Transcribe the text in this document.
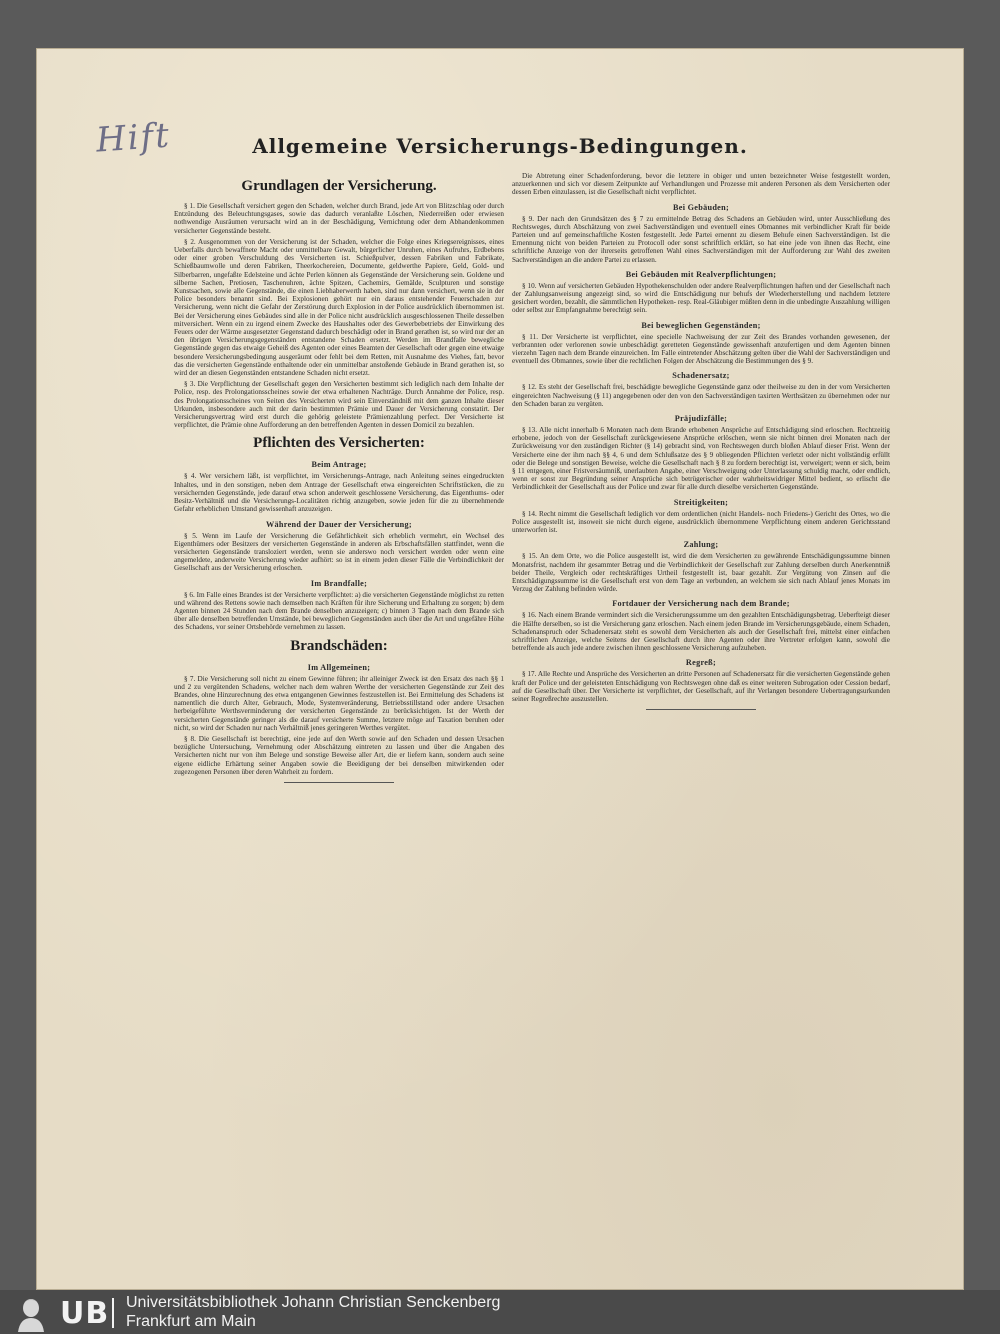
Hift	Allgemeine Versicherungs-Bedingungen.
Grundlagen der Versicherung.
§ 1. Die Gesellschaft versichert gegen den Schaden, welcher durch Brand, jede Art von Blitzschlag oder durch Entzündung des Beleuchtungsgases, sowie das dadurch veranlaßte Löschen, Niederreißen oder erwiesen nothwendige Ausräumen verursacht wird an in der Beschädigung, Vernichtung oder dem Abhandenkommen versicherter Gegenstände besteht.
§ 2. Ausgenommen von der Versicherung ist der Schaden, welcher die Folge eines Kriegsereignisses, eines Ueberfalls durch bewaffnete Macht oder unmittelbare Gewalt, bürgerlicher Unruhen, eines Aufruhrs, Erdbebens oder einer groben Verschuldung des Versicherten ist. Schießpulver, dessen Fabriken und Fabrikate, Schießbaumwolle und deren Fabriken, Theerkochereien, Documente, geldwerthe Papiere, Geld, Gold- und Silberbarren, ungefaßte Edelsteine und ächte Perlen können als Gegenstände der Versicherung sein. Goldene und silberne Sachen, Pretiosen, Taschenuhren, ächte Spitzen, Cachemirs, Gemälde, Sculpturen und sonstige Kunstsachen, sowie alle Gegenstände, die einen Liebhaberwerth haben, sind nur dann versichert, wenn sie in der Police besonders benannt sind. Bei Explosionen gehört nur ein daraus entstehender Feuerschaden zur Versicherung, wenn nicht die Gefahr der Zerstörung durch Explosion in der Police ausdrücklich übernommen ist. Bei der Versicherung eines Gebäudes sind alle in der Police nicht ausdrücklich ausgeschlossenen Theile desselben mitversichert. Wenn ein zu irgend einem Zwecke des Haushaltes oder des Gewerbebetriebs der Einwirkung des Feuers oder der Wärme ausgesetzter Gegenstand dadurch beschädigt oder in Brand gerathen ist, so wird nur der an den übrigen Versicherungsgegenständen entstandene Schaden ersetzt. Werden im Brandfalle bewegliche Gegenstände gegen das etwaige Geheiß des Agenten oder eines Beamten der Gesellschaft oder gegen eine etwaige besondere Versicherungsbedingung ausgeräumt oder fehlt bei dem Retten, mit Ausnahme des Viehes, fatt, bevor das die versicherten Gegenstände enthaltende oder ein unmittelbar anstoßende Gebäude in Brand gerathen ist, so wird der an diesen Gegenständen entstandene Schaden nicht ersetzt.
§ 3. Die Verpflichtung der Gesellschaft gegen den Versicherten bestimmt sich lediglich nach dem Inhalte der Police, resp. des Prolongationsscheines sowie der etwa erhaltenen Nachträge. Durch Annahme der Police, resp. des Prolongationsscheines von Seiten des Versicherten wird sein Einverständniß mit dem ganzen Inhalte dieser Urkunden, insbesondere auch mit der darin bestimmten Prämie und Dauer der Versicherung constatirt. Der Versicherungsvertrag wird erst durch die gehörig geleistete Prämienzahlung perfect. Der Versicherte ist verpflichtet, die Prämie ohne Aufforderung an den betreffenden Agenten in dessen Domicil zu bezahlen.
Pflichten des Versicherten:
Beim Antrage;
§ 4. Wer versichern läßt, ist verpflichtet, im Versicherungs-Antrage, nach Anleitung seines eingedruckten Inhaltes, und in den sonstigen, neben dem Antrage der Gesellschaft etwa eingereichten Schriftstücken, die zu versichernden Gegenstände, jede darauf etwa schon anderweit geschlossene Versicherung, das Eigenthums- oder Besitz-Verhältniß und die Versicherungs-Localitäten richtig anzugeben, sowie jeden für die zu übernehmende Gefahr erheblichen Umstand gewissenhaft anzuzeigen.
Während der Dauer der Versicherung;
§ 5. Wenn im Laufe der Versicherung die Gefährlichkeit sich erheblich vermehrt, ein Wechsel des Eigenthümers oder Besitzers der versicherten Gegenstände in anderen als Erbschaftsfällen stattfindet, wenn die versicherten Gegenstände transloziert werden, wenn sie anderswo noch versichert werden oder wenn eine angemeldete, anderweite Versicherung wieder aufhört: so ist in einem jeden dieser Fälle die Verbindlichkeit der Gesellschaft aus der Versicherung erloschen.
Im Brandfalle;
§ 6. Im Falle eines Brandes ist der Versicherte verpflichtet: a) die versicherten Gegenstände möglichst zu retten und während des Rettens sowie nach demselben nach Kräften für ihre Sicherung und Erhaltung zu sorgen; b) dem Agenten binnen 24 Stunden nach dem Brande denselben anzuzeigen; c) binnen 3 Tagen nach dem Brande sich über alle denselben betreffenden Umstände, bei beweglichen Gegenständen auch über die Art und ungefähre Höhe des Schadens, vor seiner Ortsbehörde vernehmen zu lassen.
Brandschäden:
Im Allgemeinen;
§ 7. Die Versicherung soll nicht zu einem Gewinne führen; ihr alleiniger Zweck ist den Ersatz des nach §§ 1 und 2 zu vergütenden Schadens, welcher nach dem wahren Werthe der versicherten Gegenstände zur Zeit des Brandes, ohne Hinzurechnung des etwa entgangenen Gewinnes festzustellen ist. Bei Ermittelung des Schadens ist namentlich die durch Alter, Gebrauch, Mode, Systemveränderung, Betriebsstillstand oder andere Ursachen herbeigeführte Werthsverminderung der versicherten Gegenstände zu berücksichtigen. Ist der Werth der versicherten Gegenstände geringer als die darauf versicherte Summe, letztere möge auf Taxation beruhen oder nicht, so wird der Schaden nur nach Verhältniß jenes geringeren Werthes vergütet.
§ 8. Die Gesellschaft ist berechtigt, eine jede auf den Werth sowie auf den Schaden und dessen Ursachen bezügliche Untersuchung, Vernehmung oder Abschätzung eintreten zu lassen und über die Angaben des Versicherten nicht nur von ihm Belege und sonstige Beweise aller Art, die er liefern kann, sondern auch seine eigene eidliche Erhärtung seiner Angaben sowie die Beeidigung der bei denselben mitwirkenden oder zugezogenen Personen über deren Wahrheit zu fordern.
Die Abtretung einer Schadenforderung, bevor die letztere in obiger und unten bezeichneter Weise festgestellt worden, anzuerkennen und sich vor diesem Zeitpunkte auf Verhandlungen und Prozesse mit anderen Personen als dem Versicherten oder dessen Erben einzulassen, ist die Gesellschaft nicht verpflichtet.
Bei Gebäuden;
§ 9. Der nach den Grundsätzen des § 7 zu ermittelnde Betrag des Schadens an Gebäuden wird, unter Ausschließung des Rechtsweges, durch Abschätzung von zwei Sachverständigen und eventuell eines Obmannes mit verbindlicher Kraft für beide Parteien und auf gemeinschaftliche Kosten festgestellt. Jede Partei ernennt zu diesem Behufe einen Sachverständigen. Ist die Ernennung nicht von beiden Parteien zu Protocoll oder sonst schriftlich erklärt, so hat eine jede von ihnen das Recht, eine schriftliche Anzeige von der ihrerseits getroffenen Wahl eines Sachverständigen mit der Aufforderung zur Wahl des zweiten Sachverständigen an die andere Partei zu erlassen.
Bei Gebäuden mit Realverpflichtungen;
§ 10. Wenn auf versicherten Gebäuden Hypothekenschulden oder andere Realverpflichtungen haften und der Gesellschaft nach der Zahlungsanweisung angezeigt sind, so wird die Entschädigung nur behufs der Wiederherstellung und nachdem letztere gesichert worden, bezahlt, die sämmtlichen Hypotheken- resp. Real-Gläubiger müßten denn in die unbedingte Auszahlung willigen oder selbst zur Empfangnahme berechtigt sein.
Bei beweglichen Gegenständen;
§ 11. Der Versicherte ist verpflichtet, eine specielle Nachweisung der zur Zeit des Brandes vorhanden gewesenen, der verbrannten oder verlorenen sowie unbeschädigt geretteten Gegenstände gewissenhaft anzufertigen und dem Agenten binnen vierzehn Tagen nach dem Brande einzureichen. Im Falle eintretender Abschätzung gelten über die Wahl der Sachverständigen und eventuell des Obmannes, sowie über die rechtlichen Folgen der Abschätzung die Bestimmungen des § 9.
Schadenersatz;
§ 12. Es steht der Gesellschaft frei, beschädigte bewegliche Gegenstände ganz oder theilweise zu den in der vom Versicherten eingereichten Nachweisung (§ 11) angegebenen oder den von den Sachverständigen taxirten Werthsätzen zu übernehmen oder nur den Schaden baran zu vergüten.
Präjudizfälle;
§ 13. Alle nicht innerhalb 6 Monaten nach dem Brande erhobenen Ansprüche auf Entschädigung sind erloschen. Rechtzeitig erhobene, jedoch von der Gesellschaft zurückgewiesene Ansprüche erlöschen, wenn sie nicht binnen drei Monaten nach der Zurückweisung vor den zuständigen Richter (§ 14) gebracht sind, von Rechtswegen durch bloßen Ablauf dieser Frist. Wenn der Versicherte eine der ihm nach §§ 4, 6 und dem Schlußsatze des § 9 obliegenden Pflichten verletzt oder nicht vollständig erfüllt oder die Belege und sonstigen Beweise, welche die Gesellschaft nach § 8 zu fordern berechtigt ist, verweigert; wenn er sich, beim § 11 entgegen, einer Fristversäumniß, unerlaubten Angabe, einer Verschweigung oder Unterlassung schuldig macht, oder endlich, wenn er sonst zur Begründung seiner Ansprüche sich betrügerischer oder wahrheitswidriger Mittel bedient, so erlischt die Verbindlichkeit der Gesellschaft aus der Police und zwar für alle durch dieselbe versicherten Gegenstände.
Streitigkeiten;
§ 14. Recht nimmt die Gesellschaft lediglich vor dem ordentlichen (nicht Handels- noch Friedens-) Gericht des Ortes, wo die Police ausgestellt ist, insoweit sie nicht durch eigene, ausdrücklich übernommene Verpflichtung einem anderen Gerichtsstand unterworfen ist.
Zahlung;
§ 15. An dem Orte, wo die Police ausgestellt ist, wird die dem Versicherten zu gewährende Entschädigungssumme binnen Monatsfrist, nachdem ihr gesammter Betrag und die Verbindlichkeit der Gesellschaft zur Zahlung derselben durch Anerkenntniß beider Theile, Vergleich oder rechtskräftiges Urtheil festgestellt ist, baar gezahlt. Zur Vergütung von Zinsen auf die Entschädigungssumme ist die Gesellschaft erst von dem Tage an verbunden, an welchem sie sich nach Ablauf jenes Monats im Verzug der Zahlung befinden würde.
Fortdauer der Versicherung nach dem Brande;
§ 16. Nach einem Brande vermindert sich die Versicherungssumme um den gezahlten Entschädigungsbetrag. Ueberfteigt dieser die Hälfte derselben, so ist die Versicherung ganz erloschen. Nach einem jeden Brande im Versicherungsgebäude, einem Schaden, Schadenanspruch oder Schadenersatz steht es sowohl dem Versicherten als auch der Gesellschaft frei, mittelst einer einfachen schriftlichen Anzeige, welche Seitens der Gesellschaft durch ihre Agenten oder ihre Vertreter erfolgen kann, sowohl die betreffende als auch jede andere zwischen ihnen geschlossene Versicherung aufzuheben.
Regreß;
§ 17. Alle Rechte und Ansprüche des Versicherten an dritte Personen auf Schadenersatz für die versicherten Gegenstände gehen kraft der Police und der geleisteten Entschädigung von Rechtswegen ohne daß es einer weiteren Subrogation oder Cession bedarf, auf die Gesellschaft über. Der Versicherte ist verpflichtet, der Gesellschaft, auf ihr Verlangen besondere Uebertragungsurkunden seiner Regreßrechte auszustellen.
UB Universitätsbibliothek Johann Christian Senckenberg
Frankfurt am Main
